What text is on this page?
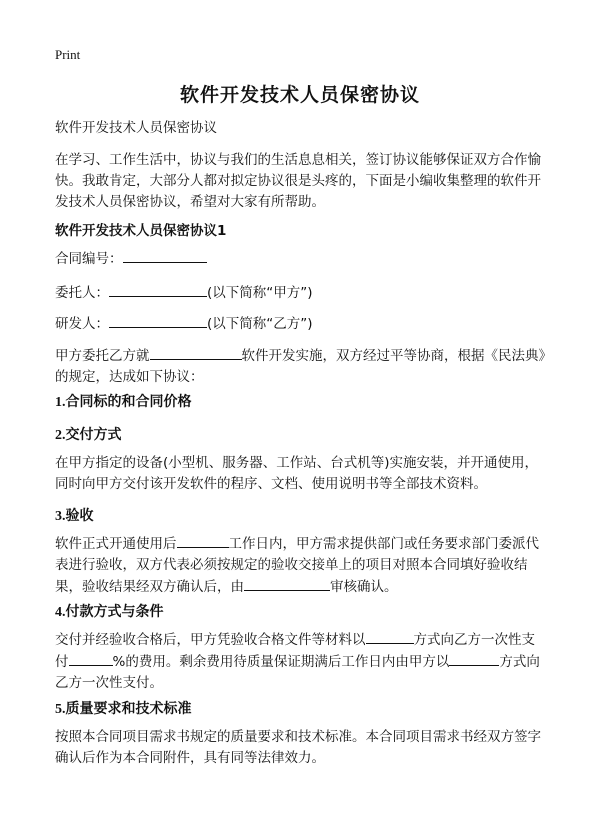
Print
软件开发技术人员保密协议

软件开发技术人员保密协议

在学习、工作生活中，协议与我们的生活息息相关，签订协议能够保证双方合作愉快。我敢肯定，大部分人都对拟定协议很是头疼的，下面是小编收集整理的软件开发技术人员保密协议，希望对大家有所帮助。

软件开发技术人员保密协议1
合同编号：
委托人：	(以下简称“甲方”)
研发人：	(以下简称“乙方”)

甲方委托乙方就	软件开发实施，双方经过平等协商，根据《民法典》的规定，达成如下协议：

1.合同标的和合同价格
2.交付方式

在甲方指定的设备(小型机、服务器、工作站、台式机等)实施安装，并开通使用，同时向甲方交付该开发软件的程序、文档、使用说明书等全部技术资料。

3.验收

软件正式开通使用后	工作日内，甲方需求提供部门或任务要求部门委派代表进行验收，双方代表必须按规定的验收交接单上的项目对照本合同填好验收结果，验收结果经双方确认后，由	审核确认。

4.付款方式与条件

交付并经验收合格后，甲方凭验收合格文件等材料以	方式向乙方一次性支付	%的费用。剩余费用待质量保证期满后工作日内由甲方以	方式向乙方一次性支付。

5.质量要求和技术标准

按照本合同项目需求书规定的质量要求和技术标准。本合同项目需求书经双方签字确认后作为本合同附件，具有同等法律效力。
